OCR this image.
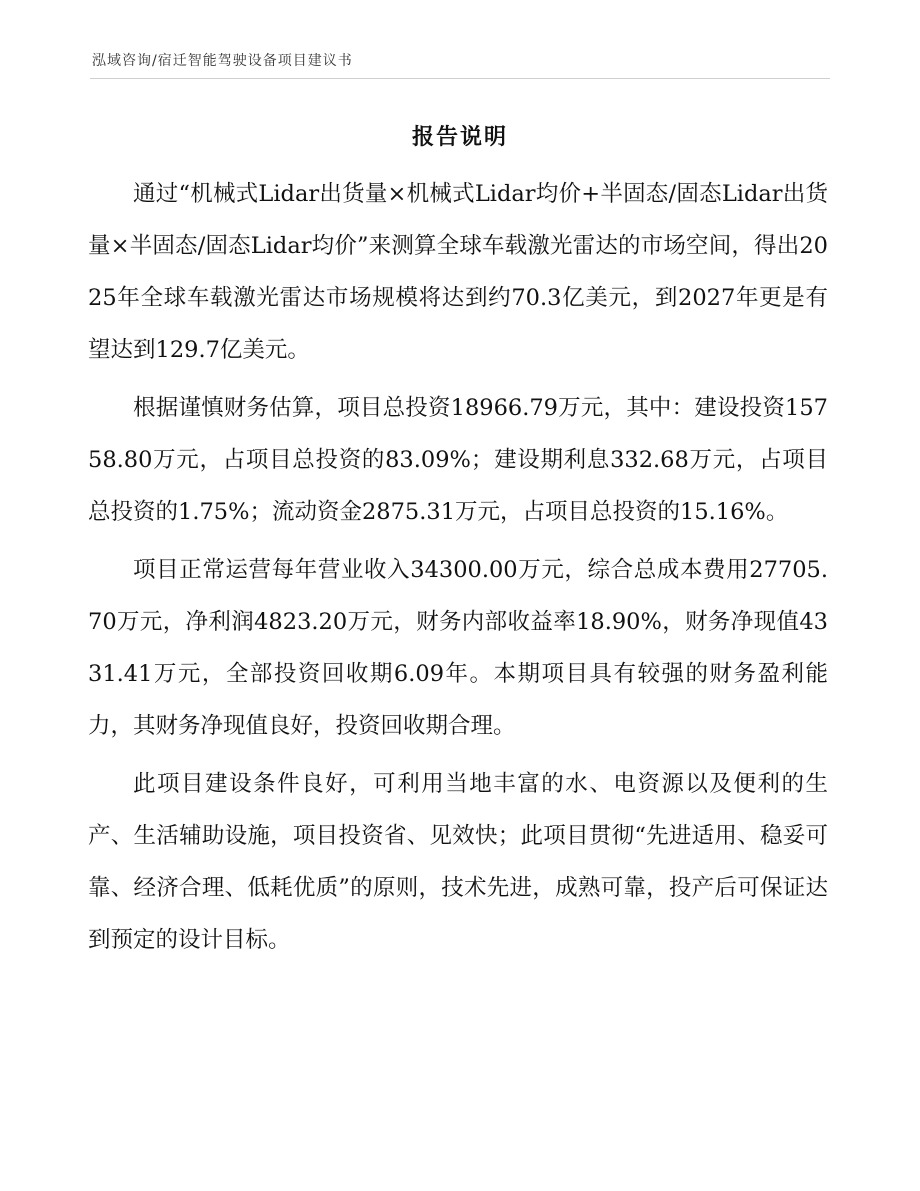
泓域咨询/宿迁智能驾驶设备项目建议书
报告说明

通过“机械式Lidar出货量×机械式Lidar均价+半固态/固态Lidar出货量×半固态/固态Lidar均价”来测算全球车载激光雷达的市场空间，得出2025年全球车载激光雷达市场规模将达到约70.3亿美元，到2027年更是有望达到129.7亿美元。

根据谨慎财务估算，项目总投资18966.79万元，其中：建设投资15758.80万元，占项目总投资的83.09%；建设期利息332.68万元，占项目总投资的1.75%；流动资金2875.31万元，占项目总投资的15.16%。

项目正常运营每年营业收入34300.00万元，综合总成本费用27705.70万元，净利润4823.20万元，财务内部收益率18.90%，财务净现值4331.41万元，全部投资回收期6.09年。本期项目具有较强的财务盈利能力，其财务净现值良好，投资回收期合理。

此项目建设条件良好，可利用当地丰富的水、电资源以及便利的生产、生活辅助设施，项目投资省、见效快；此项目贯彻“先进适用、稳妥可靠、经济合理、低耗优质”的原则，技术先进，成熟可靠，投产后可保证达到预定的设计目标。
